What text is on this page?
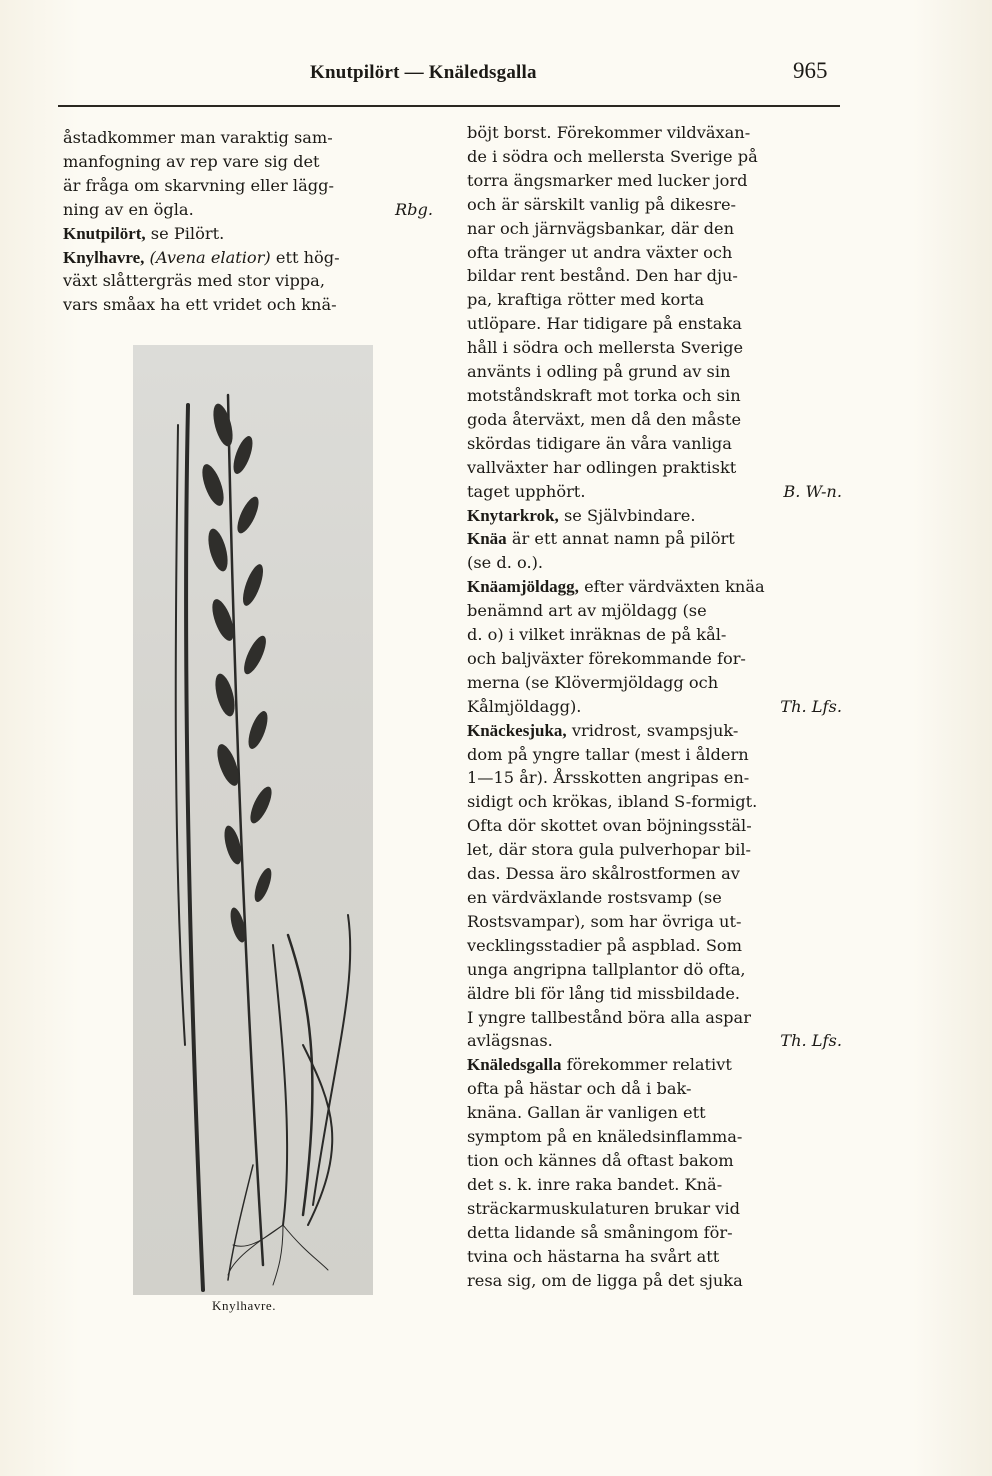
Knutpilört — Knäledsgalla	965
åstadkommer man varaktig sam-
manfogning av rep vare sig det
är fråga om skarvning eller lägg-
ning av en ögla.	Rbg.
Knutpilört, se Pilört.
Knylhavre, (Avena elatior) ett hög-
växt slåttergräs med stor vippa,
vars småax ha ett vridet och knä-
Knylhavre.
böjt borst. Förekommer vildväxan-
de i södra och mellersta Sverige på
torra ängsmarker med lucker jord
och är särskilt vanlig på dikesre-
nar och järnvägsbankar, där den
ofta tränger ut andra växter och
bildar rent bestånd. Den har dju-
pa, kraftiga rötter med korta
utlöpare. Har tidigare på enstaka
håll i södra och mellersta Sverige
använts i odling på grund av sin
motståndskraft mot torka och sin
goda återväxt, men då den måste
skördas tidigare än våra vanliga
vallväxter har odlingen praktiskt
taget upphört.	B. W-n.
Knytarkrok, se Självbindare.
Knäa är ett annat namn på pilört
(se d. o.).
Knäamjöldagg, efter värdväxten knäa
benämnd art av mjöldagg (se
d. o) i vilket inräknas de på kål-
och baljväxter förekommande for-
merna (se Klövermjöldagg och
Kålmjöldagg).	Th. Lfs.
Knäckesjuka, vridrost, svampsjuk-
dom på yngre tallar (mest i åldern
1—15 år). Årsskotten angripas en-
sidigt och krökas, ibland S-formigt.
Ofta dör skottet ovan böjningsstäl-
let, där stora gula pulverhopar bil-
das. Dessa äro skålrostformen av
en värdväxlande rostsvamp (se
Rostsvampar), som har övriga ut-
vecklingsstadier på aspblad. Som
unga angripna tallplantor dö ofta,
äldre bli för lång tid missbildade.
I yngre tallbestånd böra alla aspar
avlägsnas.	Th. Lfs.
Knäledsgalla förekommer relativt
ofta på hästar och då i bak-
knäna. Gallan är vanligen ett
symptom på en knäledsinflamma-
tion och kännes då oftast bakom
det s. k. inre raka bandet. Knä-
sträckarmuskulaturen brukar vid
detta lidande så småningom för-
tvina och hästarna ha svårt att
resa sig, om de ligga på det sjuka
